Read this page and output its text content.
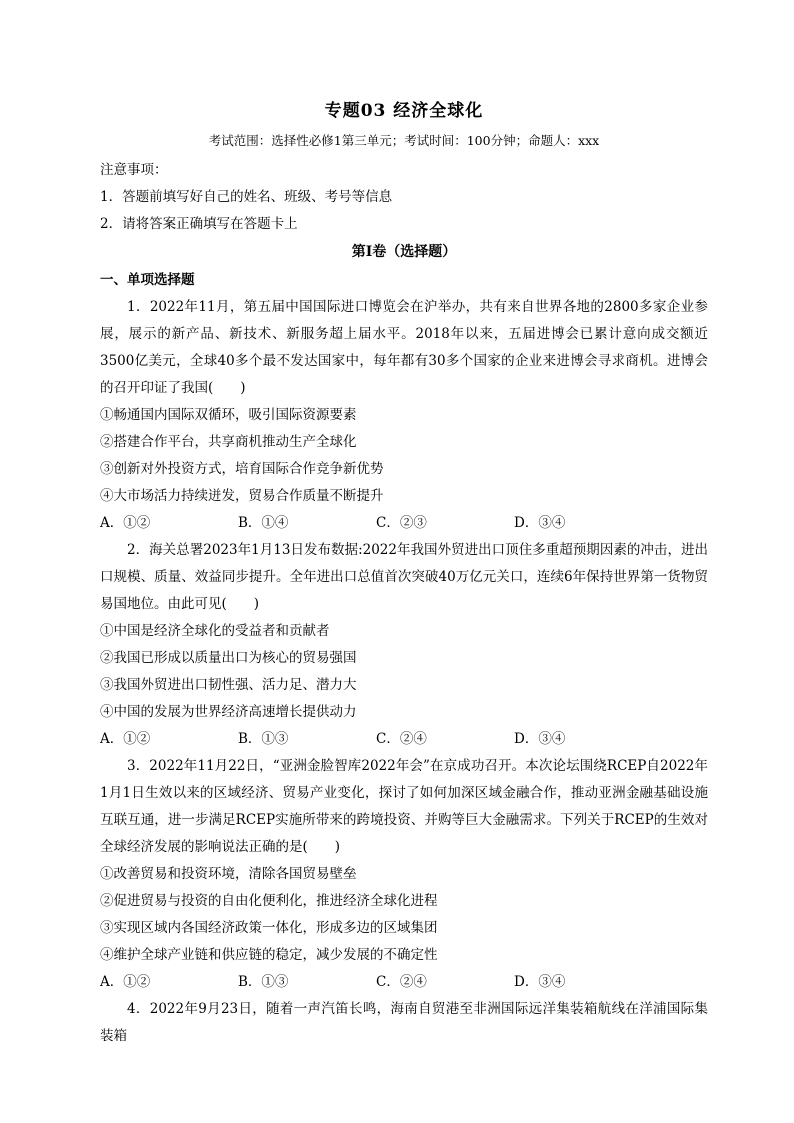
专题03 经济全球化

考试范围：选择性必修1第三单元；考试时间：100分钟；命题人：xxx

注意事项：

1．答题前填写好自己的姓名、班级、考号等信息

2．请将答案正确填写在答题卡上

第I卷（选择题）

一、单项选择题

1．2022年11月，第五届中国国际进口博览会在沪举办，共有来自世界各地的2800多家企业参展，展示的新产品、新技术、新服务超上届水平。2018年以来，五届进博会已累计意向成交额近3500亿美元，全球40多个最不发达国家中，每年都有30多个国家的企业来进博会寻求商机。进博会的召开印证了我国(　　)

①畅通国内国际双循环，吸引国际资源要素

②搭建合作平台，共享商机推动生产全球化

③创新对外投资方式，培育国际合作竞争新优势

④大市场活力持续迸发，贸易合作质量不断提升

A．①②	B．①④	C．②③	D．③④

2．海关总署2023年1月13日发布数据:2022年我国外贸进出口顶住多重超预期因素的冲击，进出口规模、质量、效益同步提升。全年进出口总值首次突破40万亿元关口，连续6年保持世界第一货物贸易国地位。由此可见(　　)

①中国是经济全球化的受益者和贡献者

②我国已形成以质量出口为核心的贸易强国

③我国外贸进出口韧性强、活力足、潜力大

④中国的发展为世界经济高速增长提供动力

A．①②	B．①③	C．②④	D．③④

3．2022年11月22日，“亚洲金脸智库2022年会”在京成功召开。本次论坛围绕RCEP自2022年1月1日生效以来的区域经济、贸易产业变化，探讨了如何加深区域金融合作，推动亚洲金融基础设施互联互通，进一步满足RCEP实施所带来的跨境投资、并购等巨大金融需求。下列关于RCEP的生效对全球经济发展的影响说法正确的是(　　)

①改善贸易和投资环境，清除各国贸易壁垒

②促进贸易与投资的自由化便利化，推进经济全球化进程

③实现区域内各国经济政策一体化，形成多边的区域集团

④维护全球产业链和供应链的稳定，减少发展的不确定性

A．①②	B．①③	C．②④	D．③④

4．2022年9月23日，随着一声汽笛长鸣，海南自贸港至非洲国际远洋集装箱航线在洋浦国际集装箱
